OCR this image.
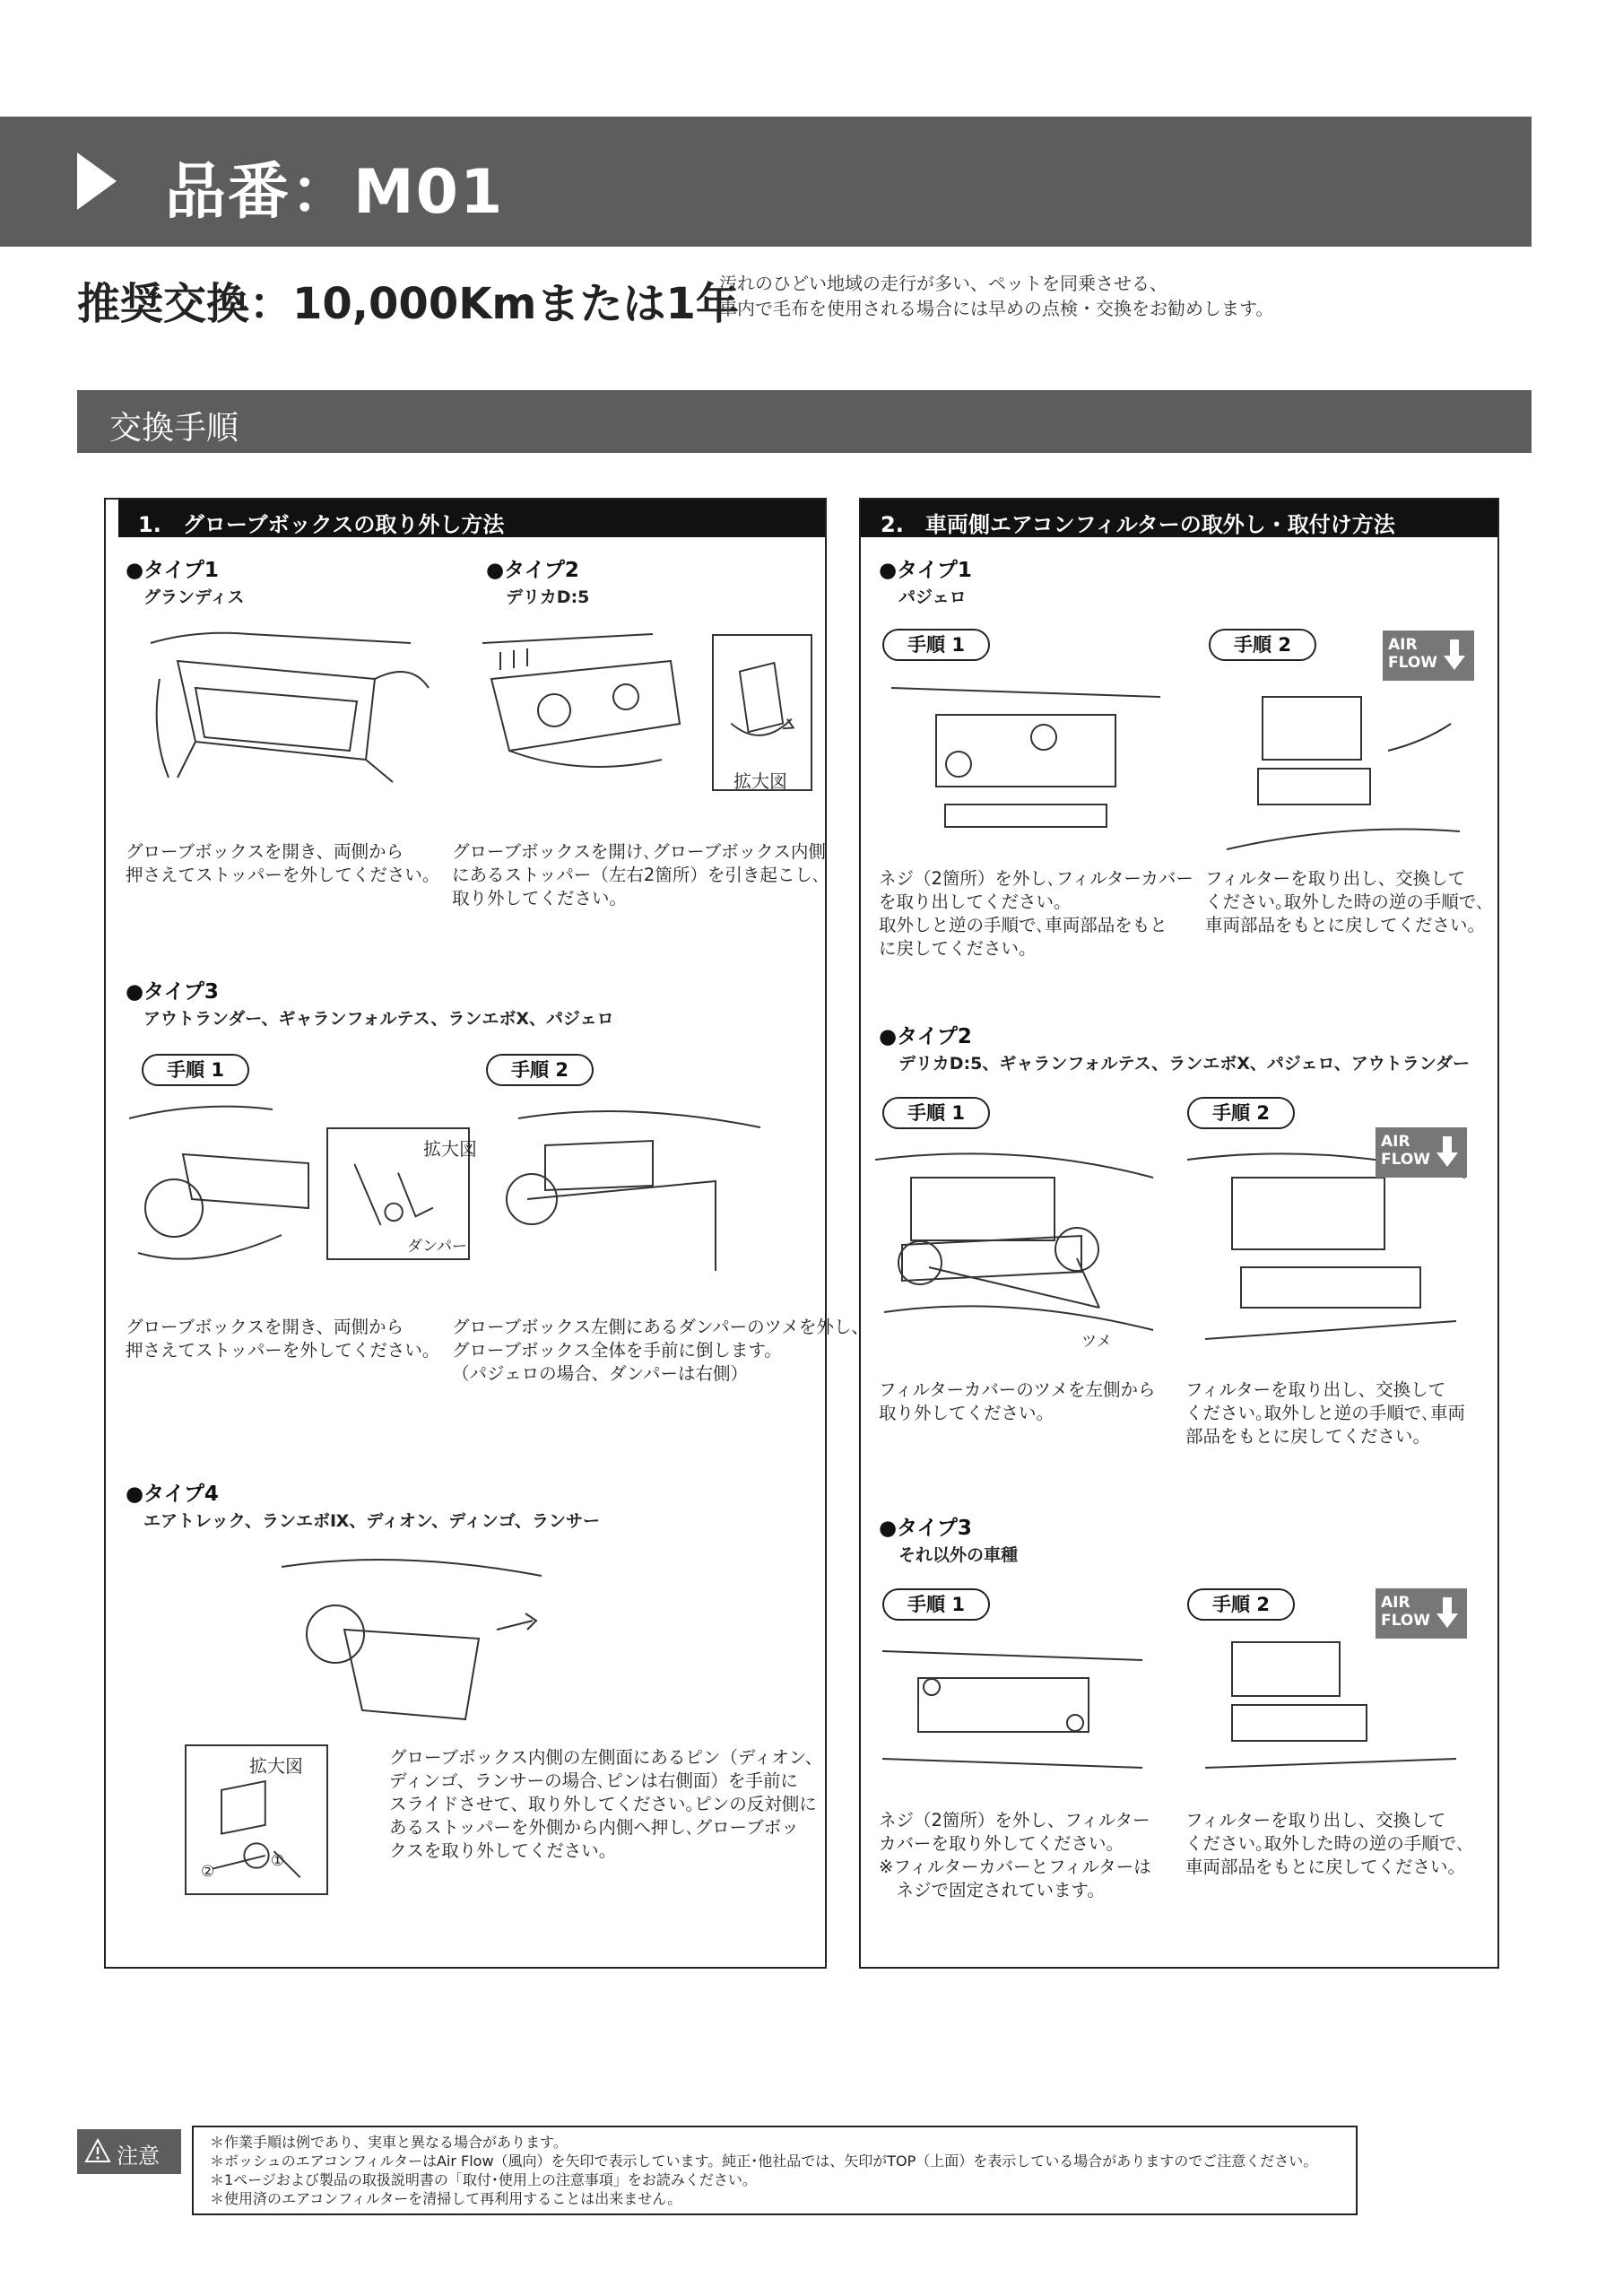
品番：M01
推奨交換：10,000Kmまたは1年
汚れのひどい地域の走行が多い、ペットを同乗させる、
車内で毛布を使用される場合には早めの点検・交換をお勧めします。
交換手順
1.　グローブボックスの取り外し方法
●タイプ1
グランディス
グローブボックスを開き、両側から
押さえてストッパーを外してください。
●タイプ2
デリカD:5
拡大図
グローブボックスを開け､グローブボックス内側
にあるストッパー（左右2箇所）を引き起こし､
取り外してください。
●タイプ3
アウトランダー、ギャランフォルテス、ランエボX、パジェロ
手順 1	手順 2
拡大図
ダンパー
グローブボックスを開き、両側から
押さえてストッパーを外してください。
グローブボックス左側にあるダンパーのツメを外し、
グローブボックス全体を手前に倒します。
（パジェロの場合、ダンパーは右側）
●タイプ4
エアトレック、ランエボⅨ、ディオン、ディンゴ、ランサー
拡大図
②
①
グローブボックス内側の左側面にあるピン（ディオン、
ディンゴ、ランサーの場合､ピンは右側面）を手前に
スライドさせて、取り外してください｡ピンの反対側に
あるストッパーを外側から内側へ押し､グローブボッ
クスを取り外してください。
2.　車両側エアコンフィルターの取外し・取付け方法
●タイプ1
パジェロ
手順 1	手順 2	AIR
FLOW
ネジ（2箇所）を外し､フィルターカバー
を取り出してください。
取外しと逆の手順で､車両部品をもと
に戻してください。
フィルターを取り出し、交換して
ください｡取外した時の逆の手順で､
車両部品をもとに戻してください。
●タイプ2
デリカD:5、ギャランフォルテス、ランエボX、パジェロ、アウトランダー
手順 1	手順 2
ツメ
AIR
FLOW
フィルターカバーのツメを左側から
取り外してください。
フィルターを取り出し、交換して
ください｡取外しと逆の手順で､車両
部品をもとに戻してください。
●タイプ3
それ以外の車種
手順 1	手順 2	AIR
FLOW
ネジ（2箇所）を外し、フィルター
カバーを取り外してください。
※フィルターカバーとフィルターは
　ネジで固定されています。
フィルターを取り出し、交換して
ください｡取外した時の逆の手順で､
車両部品をもとに戻してください。
注意

＊作業手順は例であり、実車と異なる場合があります。

＊ボッシュのエアコンフィルターはAir Flow（風向）を矢印で表示しています。純正･他社品では、矢印がTOP（上面）を表示している場合がありますのでご注意ください。

＊1ページおよび製品の取扱説明書の「取付･使用上の注意事項」をお読みください。

＊使用済のエアコンフィルターを清掃して再利用することは出来ません。
